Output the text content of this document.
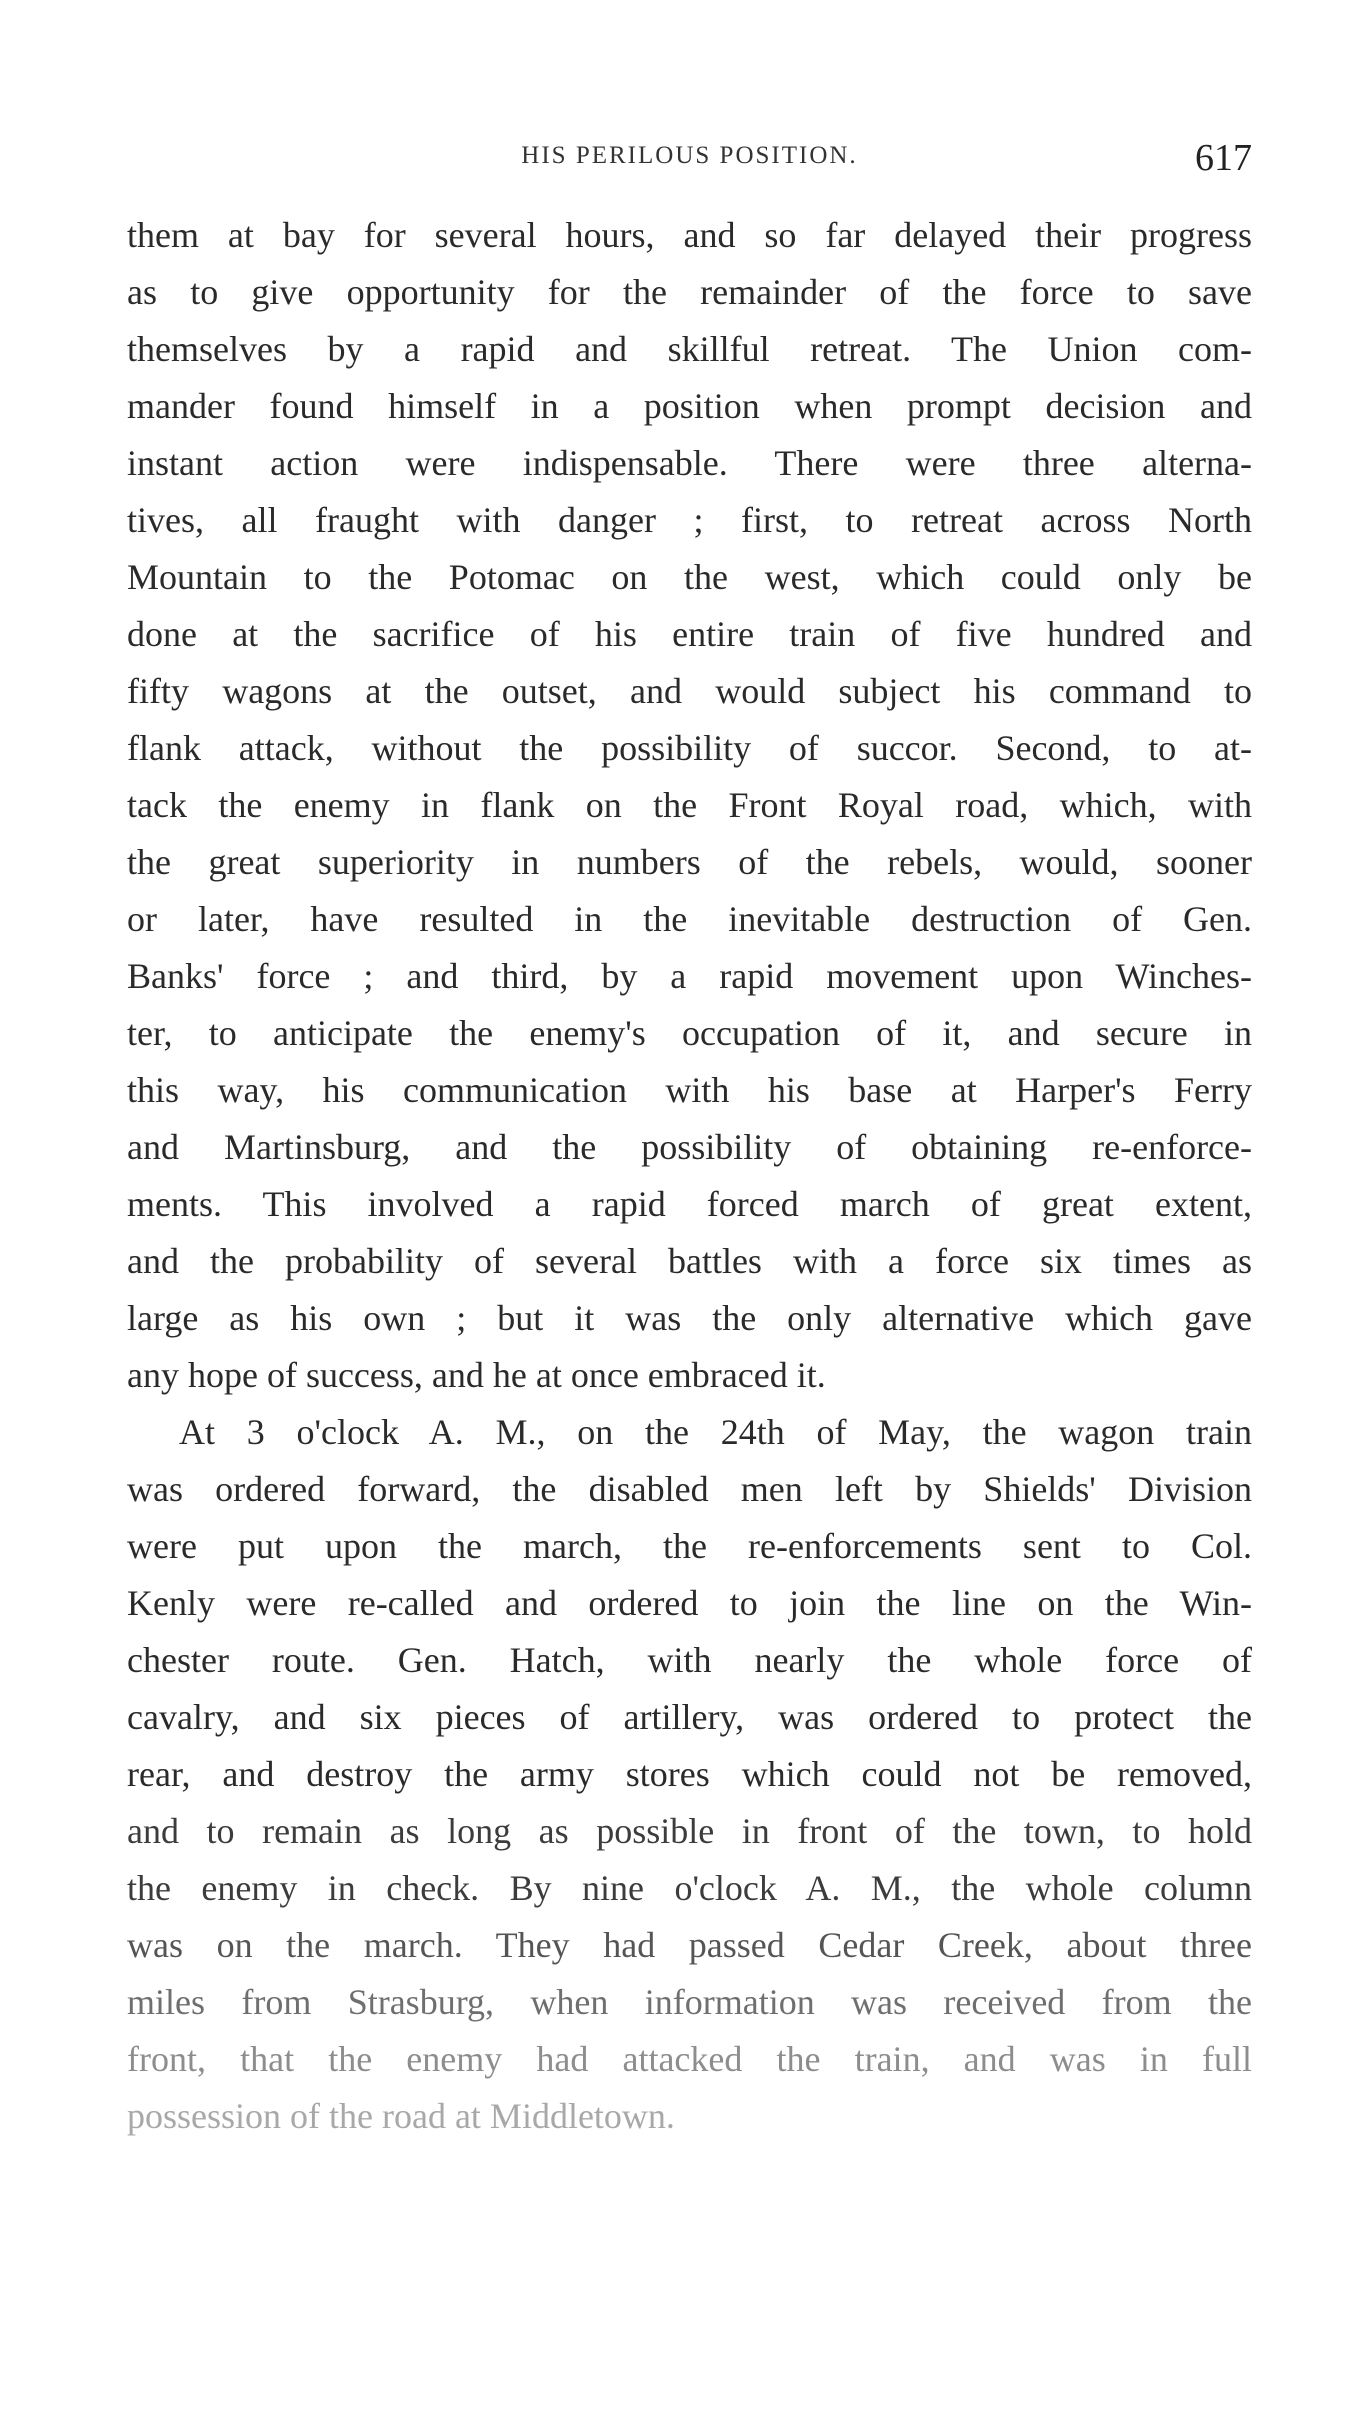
HIS PERILOUS POSITION.	617
them at bay for several hours, and so far delayed their progress
as to give opportunity for the remainder of the force to save
themselves by a rapid and skillful retreat. The Union com-
mander found himself in a position when prompt decision and
instant action were indispensable. There were three alterna-
tives, all fraught with danger ; first, to retreat across North
Mountain to the Potomac on the west, which could only be
done at the sacrifice of his entire train of five hundred and
fifty wagons at the outset, and would subject his command to
flank attack, without the possibility of succor. Second, to at-
tack the enemy in flank on the Front Royal road, which, with
the great superiority in numbers of the rebels, would, sooner
or later, have resulted in the inevitable destruction of Gen.
Banks' force ; and third, by a rapid movement upon Winches-
ter, to anticipate the enemy's occupation of it, and secure in
this way, his communication with his base at Harper's Ferry
and Martinsburg, and the possibility of obtaining re-enforce-
ments. This involved a rapid forced march of great extent,
and the probability of several battles with a force six times as
large as his own ; but it was the only alternative which gave
any hope of success, and he at once embraced it.
At 3 o'clock A. M., on the 24th of May, the wagon train
was ordered forward, the disabled men left by Shields' Division
were put upon the march, the re-enforcements sent to Col.
Kenly were re-called and ordered to join the line on the Win-
chester route. Gen. Hatch, with nearly the whole force of
cavalry, and six pieces of artillery, was ordered to protect the
rear, and destroy the army stores which could not be removed,
and to remain as long as possible in front of the town, to hold
the enemy in check. By nine o'clock A. M., the whole column
was on the march. They had passed Cedar Creek, about three
miles from Strasburg, when information was received from the
front, that the enemy had attacked the train, and was in full
possession of the road at Middletown.
